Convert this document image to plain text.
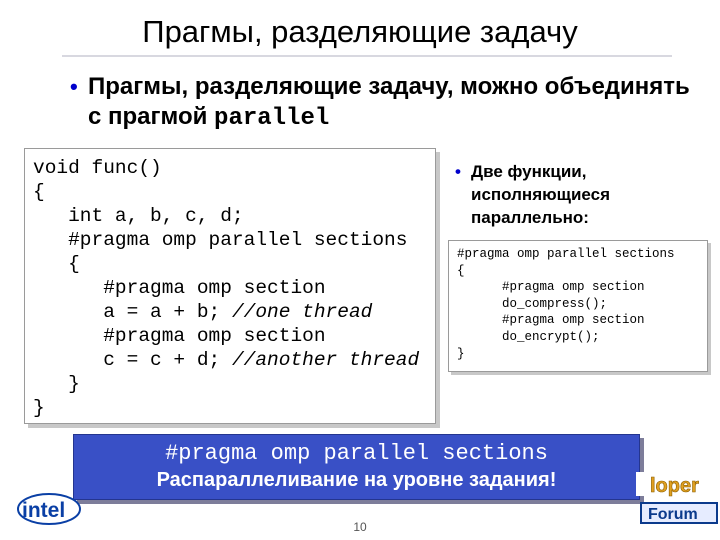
Прагмы, разделяющие задачу
• Прагмы, разделяющие задачу, можно объединять с прагмой parallel
void func()
{
int a, b, c, d;
#pragma omp parallel sections
{
#pragma omp section
a = a + b; //one thread
#pragma omp section
c = c + d; //another thread
}
}
• Две функции, исполняющиеся параллельно:
#pragma omp parallel sections
{
#pragma omp section
do_compress();
#pragma omp section
do_encrypt();
}
#pragma omp parallel sections
Распараллеливание на уровне задания!
intel
10
loper
Forum
